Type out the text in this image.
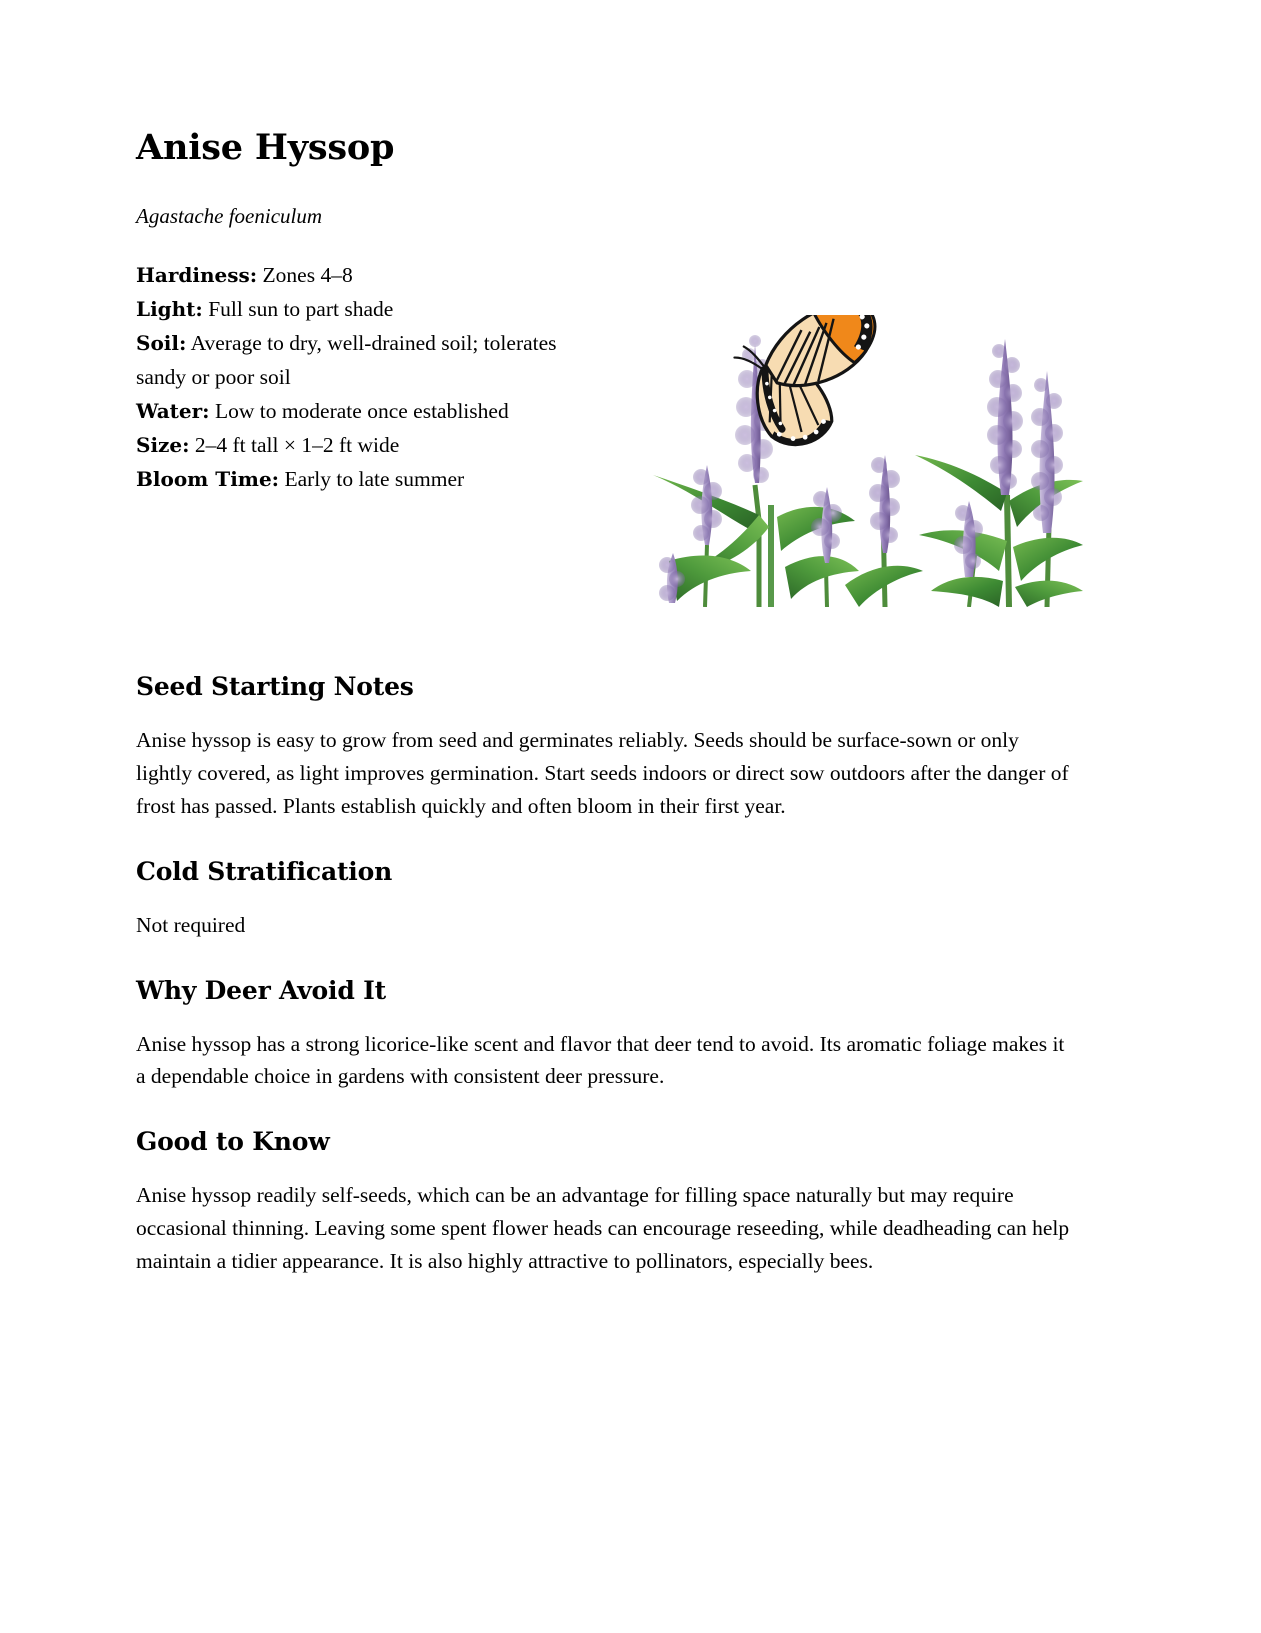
Anise Hyssop
Agastache foeniculum
Hardiness: Zones 4–8
Light: Full sun to part shade
Soil: Average to dry, well-drained soil; tolerates sandy or poor soil
Water: Low to moderate once established
Size: 2–4 ft tall × 1–2 ft wide
Bloom Time: Early to late summer
Seed Starting Notes

Anise hyssop is easy to grow from seed and germinates reliably. Seeds should be surface-sown or only lightly covered, as light improves germination. Start seeds indoors or direct sow outdoors after the danger of frost has passed. Plants establish quickly and often bloom in their first year.

Cold Stratification

Not required

Why Deer Avoid It

Anise hyssop has a strong licorice-like scent and flavor that deer tend to avoid. Its aromatic foliage makes it a dependable choice in gardens with consistent deer pressure.

Good to Know

Anise hyssop readily self-seeds, which can be an advantage for filling space naturally but may require occasional thinning. Leaving some spent flower heads can encourage reseeding, while deadheading can help maintain a tidier appearance. It is also highly attractive to pollinators, especially bees.
